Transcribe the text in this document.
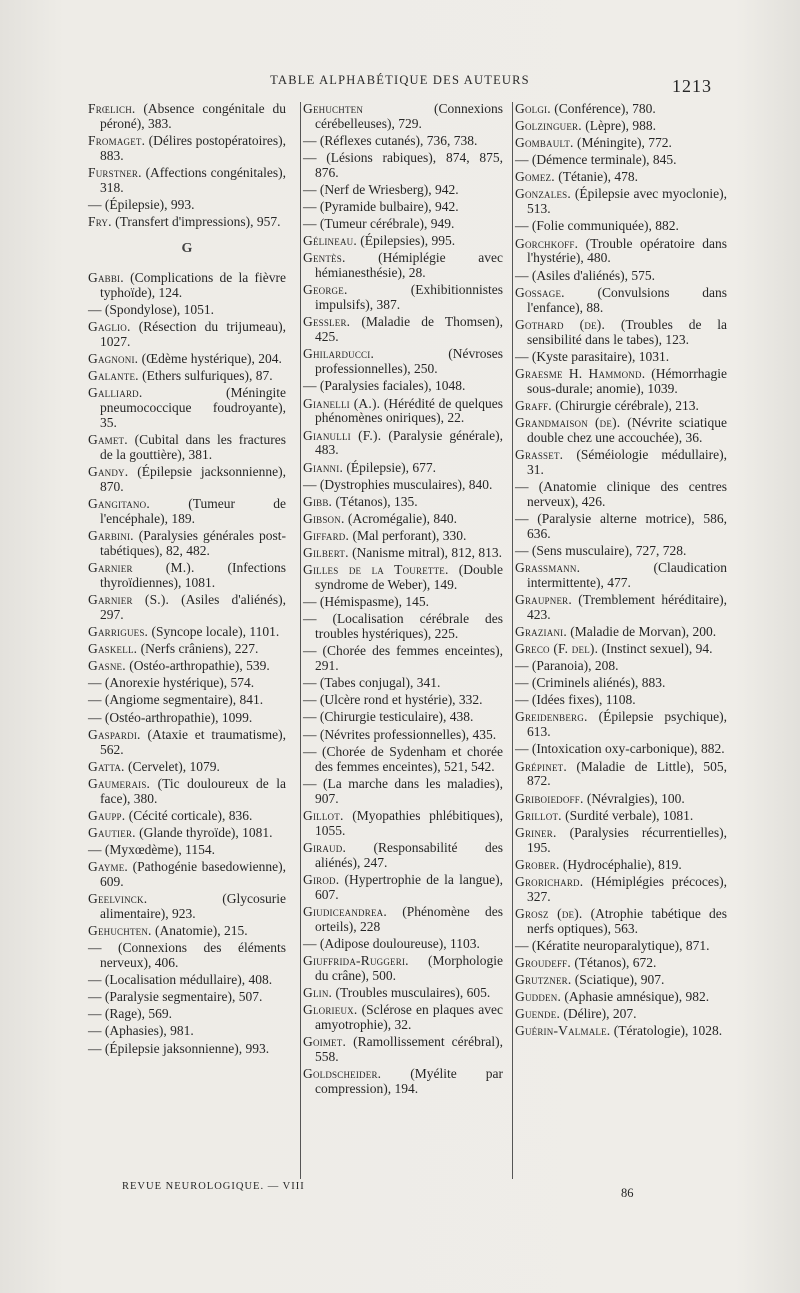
TABLE ALPHABÉTIQUE DES AUTEURS	1213
Frœlich. (Absence congénitale du péroné), 383.
Fromaget. (Délires postopératoires), 883.
Furstner. (Affections congénitales), 318.
— (Épilepsie), 993.
Fry. (Transfert d'impressions), 957.
G
Gabbi. (Complications de la fièvre typhoïde), 124.
— (Spondylose), 1051.
Gaglio. (Résection du trijumeau), 1027.
Gagnoni. (Œdème hystérique), 204.
Galante. (Ethers sulfuriques), 87.
Galliard. (Méningite pneumococcique foudroyante), 35.
Gamet. (Cubital dans les fractures de la gouttière), 381.
Gandy. (Épilepsie jacksonnienne), 870.
Gangitano. (Tumeur de l'encéphale), 189.
Garbini. (Paralysies générales post-tabétiques), 82, 482.
Garnier (M.). (Infections thyroïdiennes), 1081.
Garnier (S.). (Asiles d'aliénés), 297.
Garrigues. (Syncope locale), 1101.
Gaskell. (Nerfs crâniens), 227.
Gasne. (Ostéo-arthropathie), 539.
— (Anorexie hystérique), 574.
— (Angiome segmentaire), 841.
— (Ostéo-arthropathie), 1099.
Gaspardi. (Ataxie et traumatisme), 562.
Gatta. (Cervelet), 1079.
Gaumerais. (Tic douloureux de la face), 380.
Gaupp. (Cécité corticale), 836.
Gautier. (Glande thyroïde), 1081.
— (Myxœdème), 1154.
Gayme. (Pathogénie basedowienne), 609.
Geelvinck. (Glycosurie alimentaire), 923.
Gehuchten. (Anatomie), 215.
— (Connexions des éléments nerveux), 406.
— (Localisation médullaire), 408.
— (Paralysie segmentaire), 507.
— (Rage), 569.
— (Aphasies), 981.
— (Épilepsie jaksonnienne), 993.
Gehuchten (Connexions cérébelleuses), 729.
— (Réflexes cutanés), 736, 738.
— (Lésions rabiques), 874, 875, 876.
— (Nerf de Wriesberg), 942.
— (Pyramide bulbaire), 942.
— (Tumeur cérébrale), 949.
Gélineau. (Épilepsies), 995.
Gentès. (Hémiplégie avec hémianesthésie), 28.
George. (Exhibitionnistes impulsifs), 387.
Gessler. (Maladie de Thomsen), 425.
Ghilarducci. (Névroses professionnelles), 250.
— (Paralysies faciales), 1048.
Gianelli (A.). (Hérédité de quelques phénomènes oniriques), 22.
Gianulli (F.). (Paralysie générale), 483.
Gianni. (Épilepsie), 677.
— (Dystrophies musculaires), 840.
Gibb. (Tétanos), 135.
Gibson. (Acromégalie), 840.
Giffard. (Mal perforant), 330.
Gilbert. (Nanisme mitral), 812, 813.
Gilles de la Tourette. (Double syndrome de Weber), 149.
— (Hémispasme), 145.
— (Localisation cérébrale des troubles hystériques), 225.
— (Chorée des femmes enceintes), 291.
— (Tabes conjugal), 341.
— (Ulcère rond et hystérie), 332.
— (Chirurgie testiculaire), 438.
— (Névrites professionnelles), 435.
— (Chorée de Sydenham et chorée des femmes enceintes), 521, 542.
— (La marche dans les maladies), 907.
Gillot. (Myopathies phlébitiques), 1055.
Giraud. (Responsabilité des aliénés), 247.
Girod. (Hypertrophie de la langue), 607.
Giudiceandrea. (Phénomène des orteils), 228
— (Adipose douloureuse), 1103.
Giuffrida-Ruggeri. (Morphologie du crâne), 500.
Glin. (Troubles musculaires), 605.
Glorieux. (Sclérose en plaques avec amyotrophie), 32.
Goimet. (Ramollissement cérébral), 558.
Goldscheider. (Myélite par compression), 194.
Golgi. (Conférence), 780.
Golzinguer. (Lèpre), 988.
Gombault. (Méningite), 772.
— (Démence terminale), 845.
Gomez. (Tétanie), 478.
Gonzales. (Épilepsie avec myoclonie), 513.
— (Folie communiquée), 882.
Gorchkoff. (Trouble opératoire dans l'hystérie), 480.
— (Asiles d'aliénés), 575.
Gossage. (Convulsions dans l'enfance), 88.
Gothard (de). (Troubles de la sensibilité dans le tabes), 123.
— (Kyste parasitaire), 1031.
Graesme H. Hammond. (Hémorrhagie sous-durale; anomie), 1039.
Graff. (Chirurgie cérébrale), 213.
Grandmaison (de). (Névrite sciatique double chez une accouchée), 36.
Grasset. (Séméiologie médullaire), 31.
— (Anatomie clinique des centres nerveux), 426.
— (Paralysie alterne motrice), 586, 636.
— (Sens musculaire), 727, 728.
Grassmann. (Claudication intermittente), 477.
Graupner. (Tremblement héréditaire), 423.
Graziani. (Maladie de Morvan), 200.
Greco (F. del). (Instinct sexuel), 94.
— (Paranoia), 208.
— (Criminels aliénés), 883.
— (Idées fixes), 1108.
Greidenberg. (Épilepsie psychique), 613.
— (Intoxication oxy-carbonique), 882.
Grépinet. (Maladie de Little), 505, 872.
Griboiedoff. (Névralgies), 100.
Grillot. (Surdité verbale), 1081.
Griner. (Paralysies récurrentielles), 195.
Grober. (Hydrocéphalie), 819.
Grorichard. (Hémiplégies précoces), 327.
Grosz (de). (Atrophie tabétique des nerfs optiques), 563.
— (Kératite neuroparalytique), 871.
Groudeff. (Tétanos), 672.
Grutzner. (Sciatique), 907.
Gudden. (Aphasie amnésique), 982.
Guende. (Délire), 207.
Guérin-Valmale. (Tératologie), 1028.
REVUE NEUROLOGIQUE. — VIII	86
